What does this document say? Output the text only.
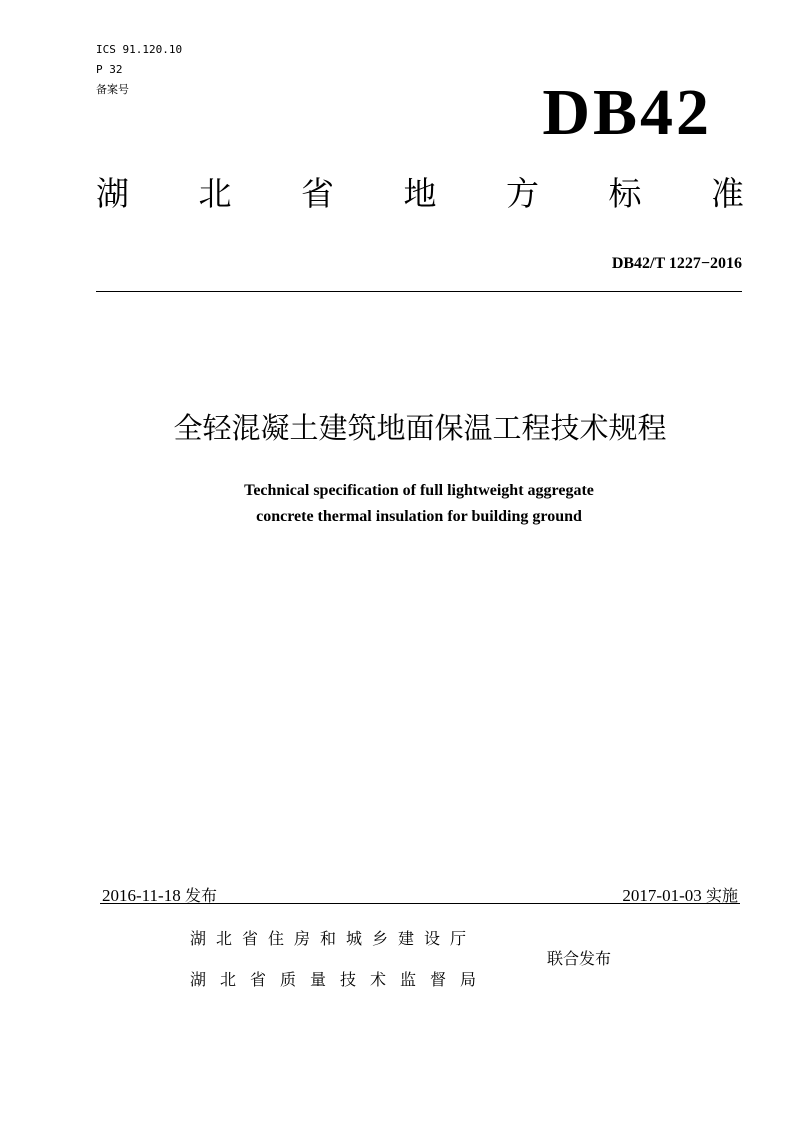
ICS 91.120.10
P 32
备案号	DB42
湖 北 省 地 方 标 准
DB42/T 1227−2016
全轻混凝土建筑地面保温工程技术规程
Technical specification of full lightweight aggregate
concrete thermal insulation for building ground
2016-11-18 发布	2017-01-03 实施
湖北省住房和城乡建设厅
湖北省质量技术监督局
联合发布
